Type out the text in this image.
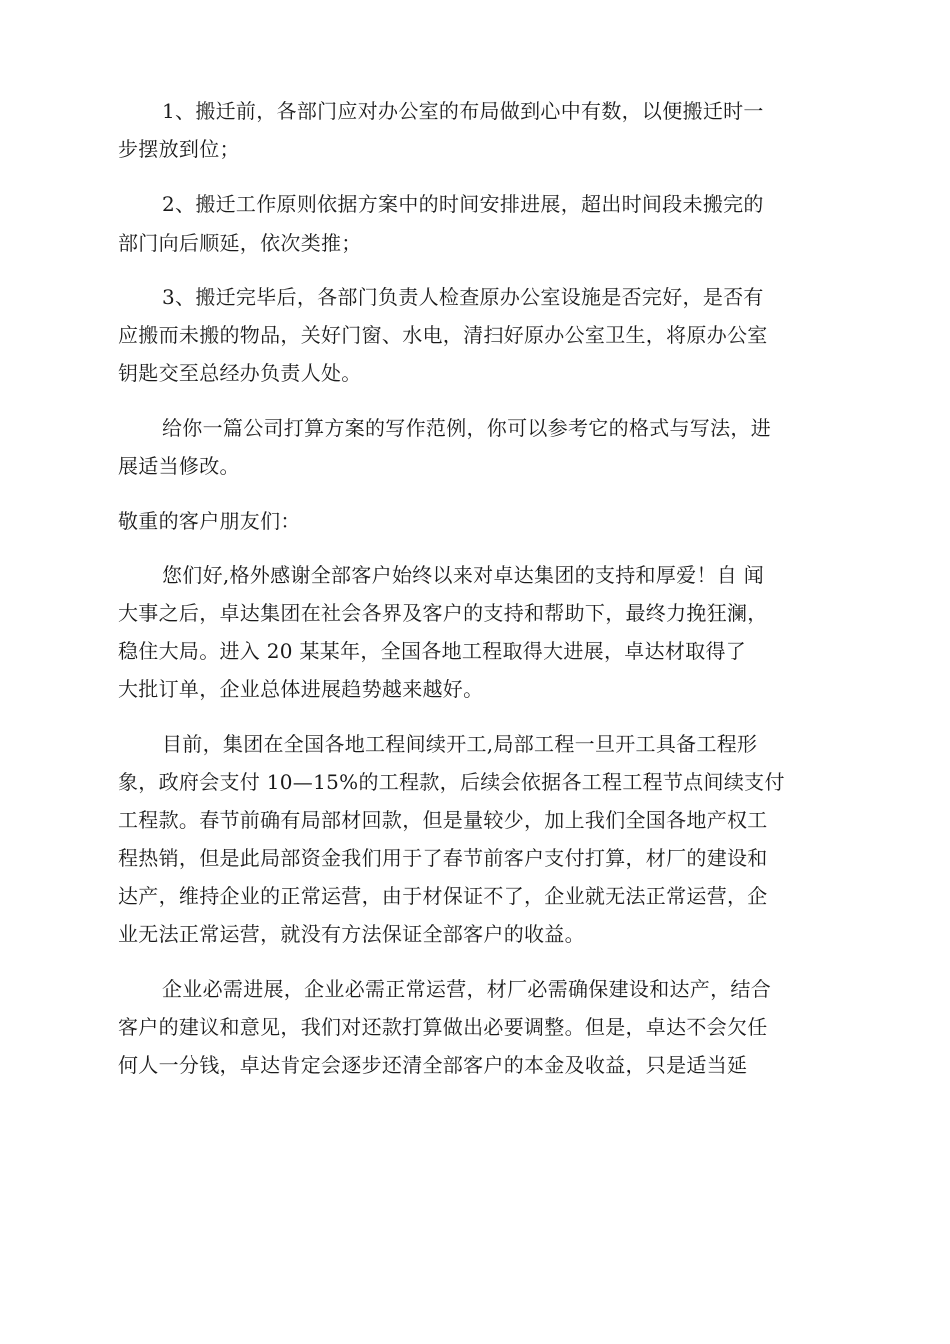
1、搬迁前，各部门应对办公室的布局做到心中有数，以便搬迁时一
步摆放到位；
2、搬迁工作原则依据方案中的时间安排进展，超出时间段未搬完的
部门向后顺延，依次类推；
3、搬迁完毕后，各部门负责人检查原办公室设施是否完好，是否有
应搬而未搬的物品，关好门窗、水电，清扫好原办公室卫生，将原办公室
钥匙交至总经办负责人处。
给你一篇公司打算方案的写作范例，你可以参考它的格式与写法，进
展适当修改。
敬重的客户朋友们：
您们好,格外感谢全部客户始终以来对卓达集团的支持和厚爱！自 闻
大事之后，卓达集团在社会各界及客户的支持和帮助下，最终力挽狂澜，
稳住大局。进入 20 某某年，全国各地工程取得大进展，卓达材取得了
大批订单，企业总体进展趋势越来越好。
目前，集团在全国各地工程间续开工,局部工程一旦开工具备工程形
象，政府会支付 10—15%的工程款，后续会依据各工程工程节点间续支付
工程款。春节前确有局部材回款，但是量较少，加上我们全国各地产权工
程热销，但是此局部资金我们用于了春节前客户支付打算，材厂的建设和
达产，维持企业的正常运营，由于材保证不了，企业就无法正常运营，企
业无法正常运营，就没有方法保证全部客户的收益。
企业必需进展，企业必需正常运营，材厂必需确保建设和达产，结合
客户的建议和意见，我们对还款打算做出必要调整。但是，卓达不会欠任
何人一分钱，卓达肯定会逐步还清全部客户的本金及收益，只是适当延
